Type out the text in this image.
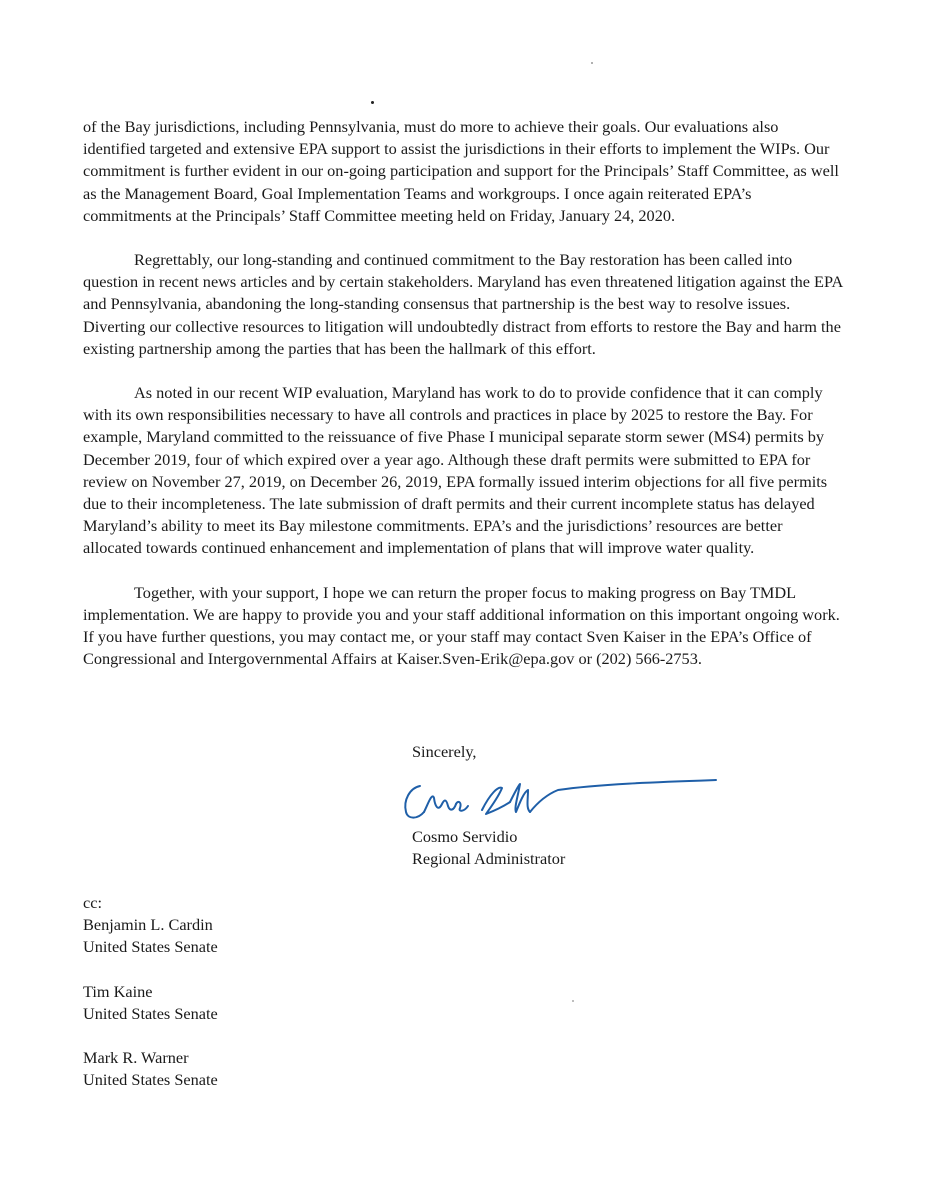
of the Bay jurisdictions, including Pennsylvania, must do more to achieve their goals. Our evaluations also identified targeted and extensive EPA support to assist the jurisdictions in their efforts to implement the WIPs. Our commitment is further evident in our on-going participation and support for the Principals’ Staff Committee, as well as the Management Board, Goal Implementation Teams and workgroups. I once again reiterated EPA’s commitments at the Principals’ Staff Committee meeting held on Friday, January 24, 2020.

Regrettably, our long-standing and continued commitment to the Bay restoration has been called into question in recent news articles and by certain stakeholders. Maryland has even threatened litigation against the EPA and Pennsylvania, abandoning the long-standing consensus that partnership is the best way to resolve issues. Diverting our collective resources to litigation will undoubtedly distract from efforts to restore the Bay and harm the existing partnership among the parties that has been the hallmark of this effort.

As noted in our recent WIP evaluation, Maryland has work to do to provide confidence that it can comply with its own responsibilities necessary to have all controls and practices in place by 2025 to restore the Bay. For example, Maryland committed to the reissuance of five Phase I municipal separate storm sewer (MS4) permits by December 2019, four of which expired over a year ago. Although these draft permits were submitted to EPA for review on November 27, 2019, on December 26, 2019, EPA formally issued interim objections for all five permits due to their incompleteness. The late submission of draft permits and their current incomplete status has delayed Maryland’s ability to meet its Bay milestone commitments. EPA’s and the jurisdictions’ resources are better allocated towards continued enhancement and implementation of plans that will improve water quality.

Together, with your support, I hope we can return the proper focus to making progress on Bay TMDL implementation. We are happy to provide you and your staff additional information on this important ongoing work. If you have further questions, you may contact me, or your staff may contact Sven Kaiser in the EPA’s Office of Congressional and Intergovernmental Affairs at Kaiser.Sven-Erik@epa.gov or (202) 566-2753.

Sincerely,
Cosmo Servidio
Regional Administrator
cc:
Benjamin L. Cardin
United States Senate
Tim Kaine
United States Senate
Mark R. Warner
United States Senate
